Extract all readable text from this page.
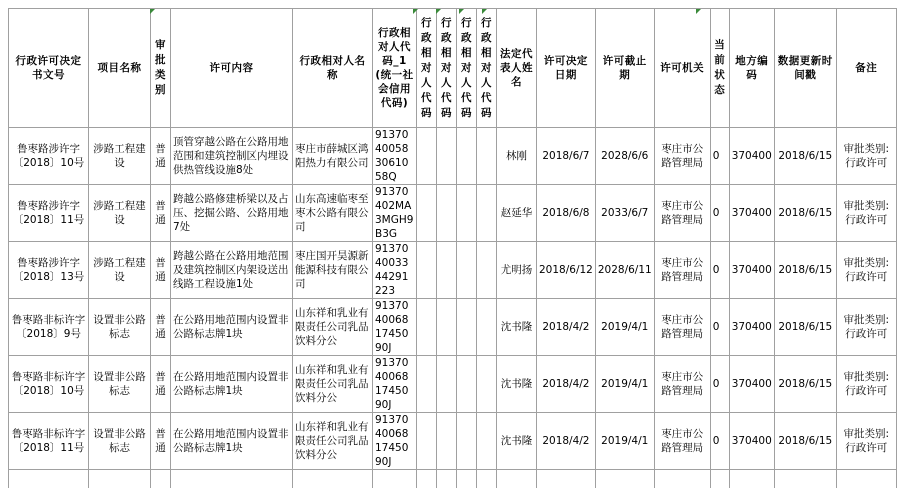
行政许可决定书文号	项目名称	审批类别	许可内容	行政相对人名称	行政相对人代码_1(统一社会信用代码)	行政相对人代码	行政相对人代码	行政相对人代码	行政相对人代码	法定代表人姓名	许可决定日期	许可截止期	许可机关	当前状态	地方编码	数据更新时间戳	备注
鲁枣路涉许字〔2018〕10号	涉路工程建设	普通	顶管穿越公路在公路用地范围和建筑控制区内埋设供热管线设施8处	枣庄市薛城区鸿阳热力有限公司	91370400583061058Q					林刚	2018/6/7	2028/6/6	枣庄市公路管理局	0	370400	2018/6/15	审批类别:行政许可
鲁枣路涉许字〔2018〕11号	涉路工程建设	普通	跨越公路修建桥梁以及占压、挖掘公路、公路用地7处	山东高速临枣至枣木公路有限公司	91370402MA3MGH9B3G					赵延华	2018/6/8	2033/6/7	枣庄市公路管理局	0	370400	2018/6/15	审批类别:行政许可
鲁枣路涉许字〔2018〕13号	涉路工程建设	普通	跨越公路在公路用地范围及建筑控制区内架设送出线路工程设施1处	枣庄国开昊源新能源科技有限公司	913704003344291223					尤明扬	2018/6/12	2028/6/11	枣庄市公路管理局	0	370400	2018/6/15	审批类别:行政许可
鲁枣路非标许字〔2018〕9号	设置非公路标志	普通	在公路用地范围内设置非公路标志牌1块	山东祥和乳业有限责任公司乳品饮料分公	91370400681745090J					沈书隆	2018/4/2	2019/4/1	枣庄市公路管理局	0	370400	2018/6/15	审批类别:行政许可
鲁枣路非标许字〔2018〕10号	设置非公路标志	普通	在公路用地范围内设置非公路标志牌1块	山东祥和乳业有限责任公司乳品饮料分公	91370400681745090J					沈书隆	2018/4/2	2019/4/1	枣庄市公路管理局	0	370400	2018/6/15	审批类别:行政许可
鲁枣路非标许字〔2018〕11号	设置非公路标志	普通	在公路用地范围内设置非公路标志牌1块	山东祥和乳业有限责任公司乳品饮料分公	91370400681745090J					沈书隆	2018/4/2	2019/4/1	枣庄市公路管理局	0	370400	2018/6/15	审批类别:行政许可
